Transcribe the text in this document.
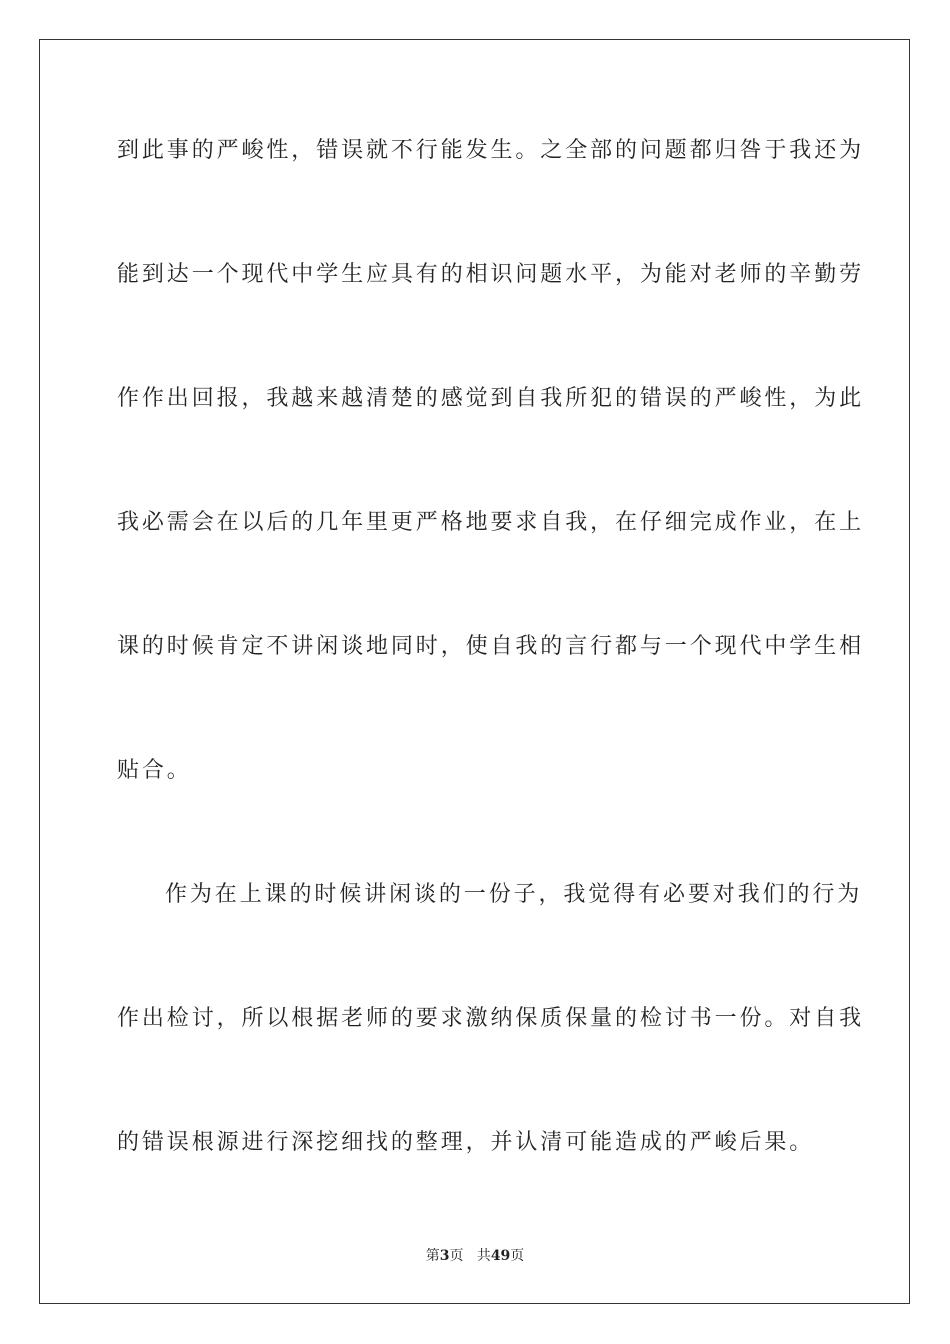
到此事的严峻性，错误就不行能发生。之全部的问题都归咎于我还为
能到达一个现代中学生应具有的相识问题水平，为能对老师的辛勤劳
作作出回报，我越来越清楚的感觉到自我所犯的错误的严峻性，为此
我必需会在以后的几年里更严格地要求自我，在仔细完成作业，在上
课的时候肯定不讲闲谈地同时，使自我的言行都与一个现代中学生相
贴合。
作为在上课的时候讲闲谈的一份子，我觉得有必要对我们的行为
作出检讨，所以根据老师的要求激纳保质保量的检讨书一份。对自我
的错误根源进行深挖细找的整理，并认清可能造成的严峻后果。
第3页 共49页
